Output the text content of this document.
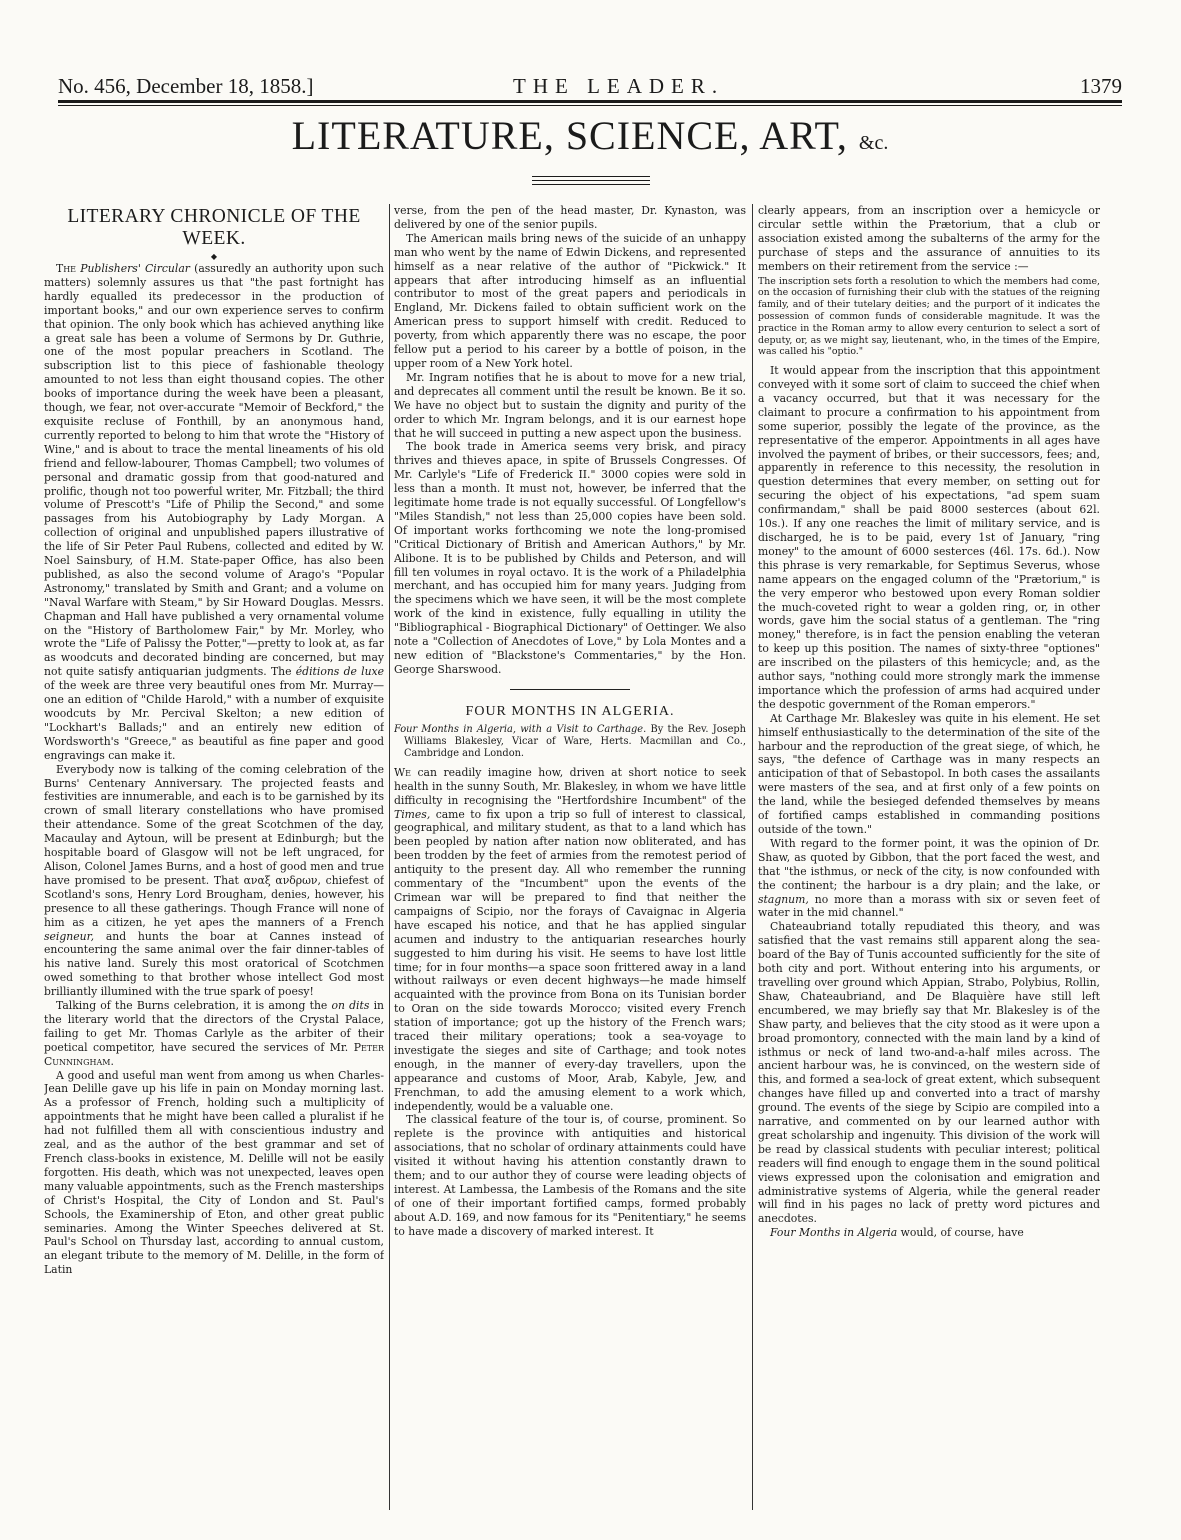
No. 456, December 18, 1858.]	THE LEADER.	1379
LITERATURE, SCIENCE, ART, &c.
LITERARY CHRONICLE OF THE WEEK.
◆

The Publishers' Circular (assuredly an authority upon such matters) solemnly assures us that "the past fortnight has hardly equalled its predecessor in the production of important books," and our own experience serves to confirm that opinion. The only book which has achieved anything like a great sale has been a volume of Sermons by Dr. Guthrie, one of the most popular preachers in Scotland. The subscription list to this piece of fashionable theology amounted to not less than eight thousand copies. The other books of importance during the week have been a pleasant, though, we fear, not over-accurate "Memoir of Beckford," the exquisite recluse of Fonthill, by an anonymous hand, currently reported to belong to him that wrote the "History of Wine," and is about to trace the mental lineaments of his old friend and fellow-labourer, Thomas Campbell; two volumes of personal and dramatic gossip from that good-natured and prolific, though not too powerful writer, Mr. Fitzball; the third volume of Prescott's "Life of Philip the Second," and some passages from his Autobiography by Lady Morgan. A collection of original and unpublished papers illustrative of the life of Sir Peter Paul Rubens, collected and edited by W. Noel Sainsbury, of H.M. State-paper Office, has also been published, as also the second volume of Arago's "Popular Astronomy," translated by Smith and Grant; and a volume on "Naval Warfare with Steam," by Sir Howard Douglas. Messrs. Chapman and Hall have published a very ornamental volume on the "History of Bartholomew Fair," by Mr. Morley, who wrote the "Life of Palissy the Potter,"—pretty to look at, as far as woodcuts and decorated binding are concerned, but may not quite satisfy antiquarian judgments. The éditions de luxe of the week are three very beautiful ones from Mr. Murray—one an edition of "Childe Harold," with a number of exquisite woodcuts by Mr. Percival Skelton; a new edition of "Lockhart's Ballads;" and an entirely new edition of Wordsworth's "Greece," as beautiful as fine paper and good engravings can make it.

Everybody now is talking of the coming celebration of the Burns' Centenary Anniversary. The projected feasts and festivities are innumerable, and each is to be garnished by its crown of small literary constellations who have promised their attendance. Some of the great Scotchmen of the day, Macaulay and Aytoun, will be present at Edinburgh; but the hospitable board of Glasgow will not be left ungraced, for Alison, Colonel James Burns, and a host of good men and true have promised to be present. That αναξ ανδρων, chiefest of Scotland's sons, Henry Lord Brougham, denies, however, his presence to all these gatherings. Though France will none of him as a citizen, he yet apes the manners of a French seigneur, and hunts the boar at Cannes instead of encountering the same animal over the fair dinner-tables of his native land. Surely this most oratorical of Scotchmen owed something to that brother whose intellect God most brilliantly illumined with the true spark of poesy!

Talking of the Burns celebration, it is among the on dits in the literary world that the directors of the Crystal Palace, failing to get Mr. Thomas Carlyle as the arbiter of their poetical competitor, have secured the services of Mr. Peter Cunningham.

A good and useful man went from among us when Charles-Jean Delille gave up his life in pain on Monday morning last. As a professor of French, holding such a multiplicity of appointments that he might have been called a pluralist if he had not fulfilled them all with conscientious industry and zeal, and as the author of the best grammar and set of French class-books in existence, M. Delille will not be easily forgotten. His death, which was not unexpected, leaves open many valuable appointments, such as the French masterships of Christ's Hospital, the City of London and St. Paul's Schools, the Examinership of Eton, and other great public seminaries. Among the Winter Speeches delivered at St. Paul's School on Thursday last, according to annual custom, an elegant tribute to the memory of M. Delille, in the form of Latin

verse, from the pen of the head master, Dr. Kynaston, was delivered by one of the senior pupils.

The American mails bring news of the suicide of an unhappy man who went by the name of Edwin Dickens, and represented himself as a near relative of the author of "Pickwick." It appears that after introducing himself as an influential contributor to most of the great papers and periodicals in England, Mr. Dickens failed to obtain sufficient work on the American press to support himself with credit. Reduced to poverty, from which apparently there was no escape, the poor fellow put a period to his career by a bottle of poison, in the upper room of a New York hotel.

Mr. Ingram notifies that he is about to move for a new trial, and deprecates all comment until the result be known. Be it so. We have no object but to sustain the dignity and purity of the order to which Mr. Ingram belongs, and it is our earnest hope that he will succeed in putting a new aspect upon the business.

The book trade in America seems very brisk, and piracy thrives and thieves apace, in spite of Brussels Congresses. Of Mr. Carlyle's "Life of Frederick II." 3000 copies were sold in less than a month. It must not, however, be inferred that the legitimate home trade is not equally successful. Of Longfellow's "Miles Standish," not less than 25,000 copies have been sold. Of important works forthcoming we note the long-promised "Critical Dictionary of British and American Authors," by Mr. Alibone. It is to be published by Childs and Peterson, and will fill ten volumes in royal octavo. It is the work of a Philadelphia merchant, and has occupied him for many years. Judging from the specimens which we have seen, it will be the most complete work of the kind in existence, fully equalling in utility the "Bibliographical - Biographical Dictionary" of Oettinger. We also note a "Collection of Anecdotes of Love," by Lola Montes and a new edition of "Blackstone's Commentaries," by the Hon. George Sharswood.

FOUR MONTHS IN ALGERIA.
Four Months in Algeria, with a Visit to Carthage. By the Rev. Joseph Williams Blakesley, Vicar of Ware, Herts. Macmillan and Co., Cambridge and London.

We can readily imagine how, driven at short notice to seek health in the sunny South, Mr. Blakesley, in whom we have little difficulty in recognising the "Hertfordshire Incumbent" of the Times, came to fix upon a trip so full of interest to classical, geographical, and military student, as that to a land which has been peopled by nation after nation now obliterated, and has been trodden by the feet of armies from the remotest period of antiquity to the present day. All who remember the running commentary of the "Incumbent" upon the events of the Crimean war will be prepared to find that neither the campaigns of Scipio, nor the forays of Cavaignac in Algeria have escaped his notice, and that he has applied singular acumen and industry to the antiquarian researches hourly suggested to him during his visit. He seems to have lost little time; for in four months—a space soon frittered away in a land without railways or even decent highways—he made himself acquainted with the province from Bona on its Tunisian border to Oran on the side towards Morocco; visited every French station of importance; got up the history of the French wars; traced their military operations; took a sea-voyage to investigate the sieges and site of Carthage; and took notes enough, in the manner of every-day travellers, upon the appearance and customs of Moor, Arab, Kabyle, Jew, and Frenchman, to add the amusing element to a work which, independently, would be a valuable one.

The classical feature of the tour is, of course, prominent. So replete is the province with antiquities and historical associations, that no scholar of ordinary attainments could have visited it without having his attention constantly drawn to them; and to our author they of course were leading objects of interest. At Lambessa, the Lambesis of the Romans and the site of one of their important fortified camps, formed probably about A.D. 169, and now famous for its "Penitentiary," he seems to have made a discovery of marked interest. It

clearly appears, from an inscription over a hemicycle or circular settle within the Prætorium, that a club or association existed among the subalterns of the army for the purchase of steps and the assurance of annuities to its members on their retirement from the service :—

The inscription sets forth a resolution to which the members had come, on the occasion of furnishing their club with the statues of the reigning family, and of their tutelary deities; and the purport of it indicates the possession of common funds of considerable magnitude. It was the practice in the Roman army to allow every centurion to select a sort of deputy, or, as we might say, lieutenant, who, in the times of the Empire, was called his "optio."

It would appear from the inscription that this appointment conveyed with it some sort of claim to succeed the chief when a vacancy occurred, but that it was necessary for the claimant to procure a confirmation to his appointment from some superior, possibly the legate of the province, as the representative of the emperor. Appointments in all ages have involved the payment of bribes, or their successors, fees; and, apparently in reference to this necessity, the resolution in question determines that every member, on setting out for securing the object of his expectations, "ad spem suam confirmandam," shall be paid 8000 sesterces (about 62l. 10s.). If any one reaches the limit of military service, and is discharged, he is to be paid, every 1st of January, "ring money" to the amount of 6000 sesterces (46l. 17s. 6d.). Now this phrase is very remarkable, for Septimus Severus, whose name appears on the engaged column of the "Prætorium," is the very emperor who bestowed upon every Roman soldier the much-coveted right to wear a golden ring, or, in other words, gave him the social status of a gentleman. The "ring money," therefore, is in fact the pension enabling the veteran to keep up this position. The names of sixty-three "optiones" are inscribed on the pilasters of this hemicycle; and, as the author says, "nothing could more strongly mark the immense importance which the profession of arms had acquired under the despotic government of the Roman emperors."

At Carthage Mr. Blakesley was quite in his element. He set himself enthusiastically to the determination of the site of the harbour and the reproduction of the great siege, of which, he says, "the defence of Carthage was in many respects an anticipation of that of Sebastopol. In both cases the assailants were masters of the sea, and at first only of a few points on the land, while the besieged defended themselves by means of fortified camps established in commanding positions outside of the town."

With regard to the former point, it was the opinion of Dr. Shaw, as quoted by Gibbon, that the port faced the west, and that "the isthmus, or neck of the city, is now confounded with the continent; the harbour is a dry plain; and the lake, or stagnum, no more than a morass with six or seven feet of water in the mid channel."

Chateaubriand totally repudiated this theory, and was satisfied that the vast remains still apparent along the sea-board of the Bay of Tunis accounted sufficiently for the site of both city and port. Without entering into his arguments, or travelling over ground which Appian, Strabo, Polybius, Rollin, Shaw, Chateaubriand, and De Blaquière have still left encumbered, we may briefly say that Mr. Blakesley is of the Shaw party, and believes that the city stood as it were upon a broad promontory, connected with the main land by a kind of isthmus or neck of land two-and-a-half miles across. The ancient harbour was, he is convinced, on the western side of this, and formed a sea-lock of great extent, which subsequent changes have filled up and converted into a tract of marshy ground. The events of the siege by Scipio are compiled into a narrative, and commented on by our learned author with great scholarship and ingenuity. This division of the work will be read by classical students with peculiar interest; political readers will find enough to engage them in the sound political views expressed upon the colonisation and emigration and administrative systems of Algeria, while the general reader will find in his pages no lack of pretty word pictures and anecdotes.

Four Months in Algeria would, of course, have
